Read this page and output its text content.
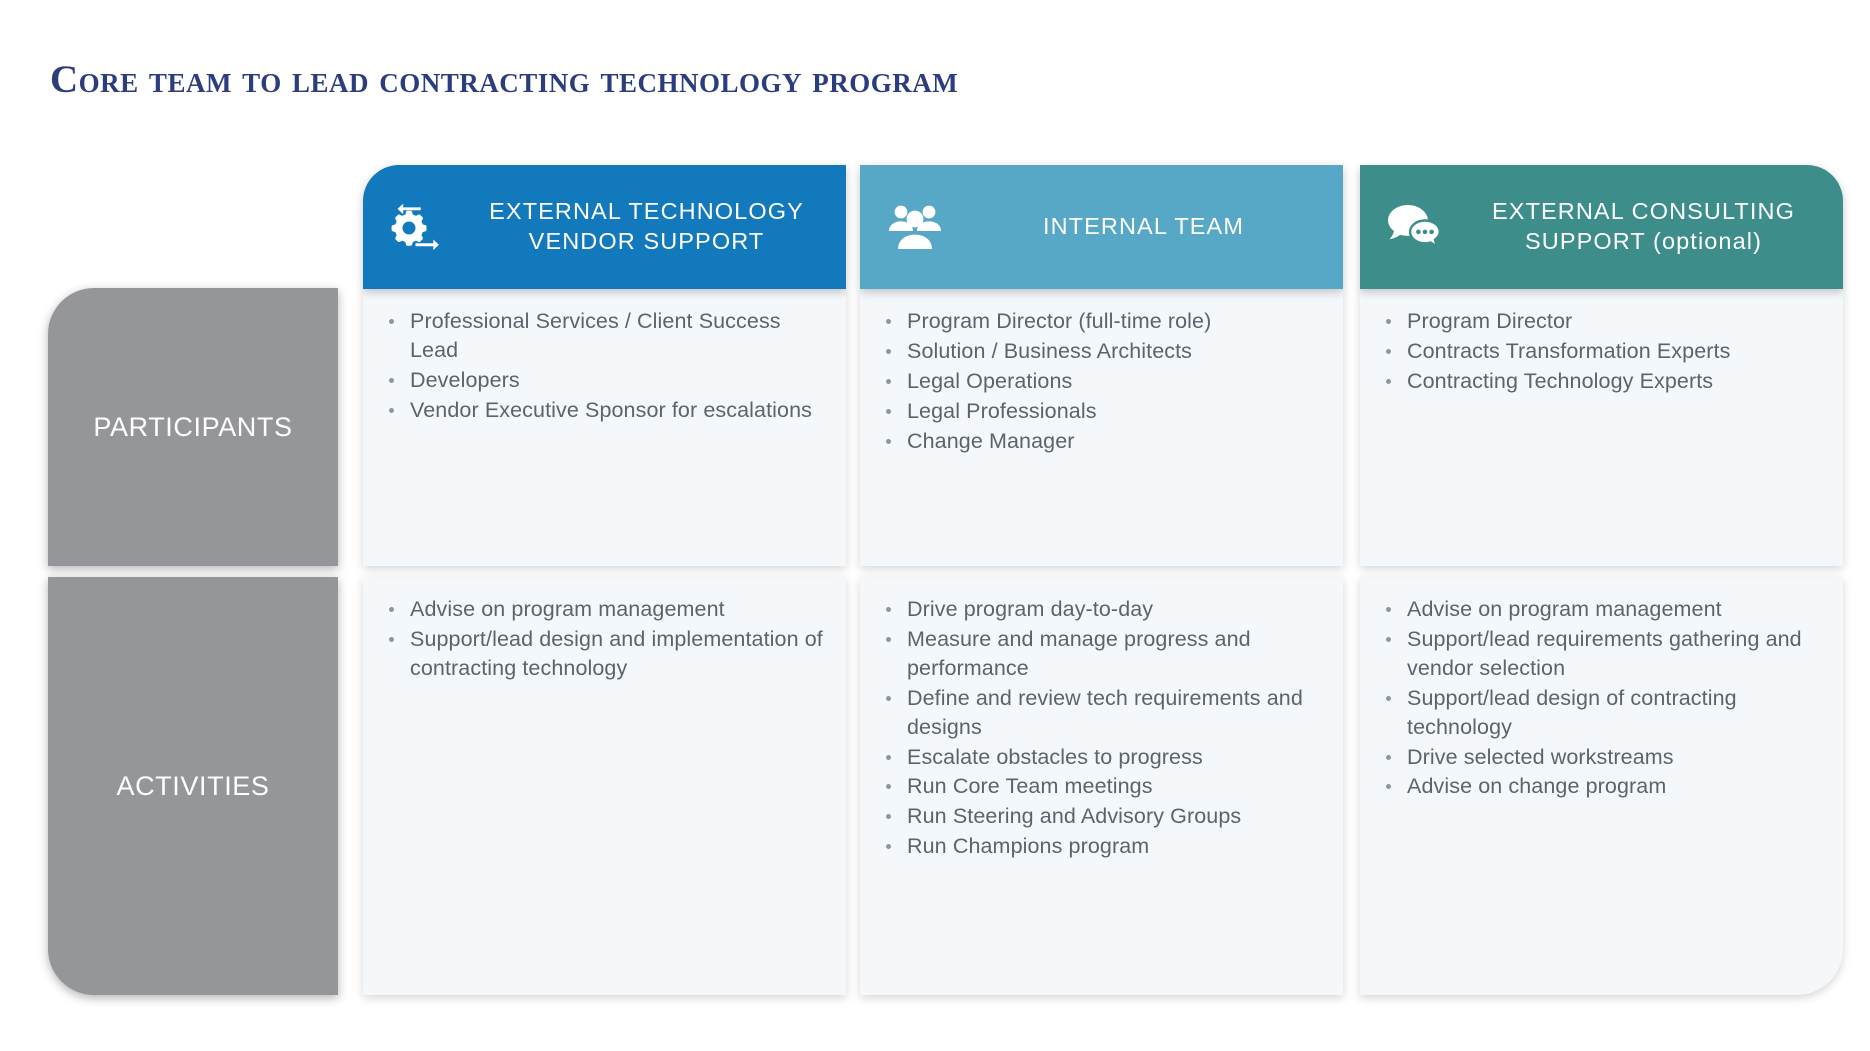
Core team to lead contracting technology program
PARTICIPANTS
ACTIVITIES
EXTERNAL TECHNOLOGY VENDOR SUPPORT
INTERNAL TEAM
EXTERNAL CONSULTING SUPPORT (optional)
Professional Services / Client Success Lead
Developers
Vendor Executive Sponsor for escalations
Program Director (full-time role)
Solution / Business Architects
Legal Operations
Legal Professionals
Change Manager
Program Director
Contracts Transformation Experts
Contracting Technology Experts
Advise on program management
Support/lead design and implementation of contracting technology
Drive program day-to-day
Measure and manage progress and performance
Define and review tech requirements and designs
Escalate obstacles to progress
Run Core Team meetings
Run Steering and Advisory Groups
Run Champions program
Advise on program management
Support/lead requirements gathering and vendor selection
Support/lead design of contracting technology
Drive selected workstreams
Advise on change program
